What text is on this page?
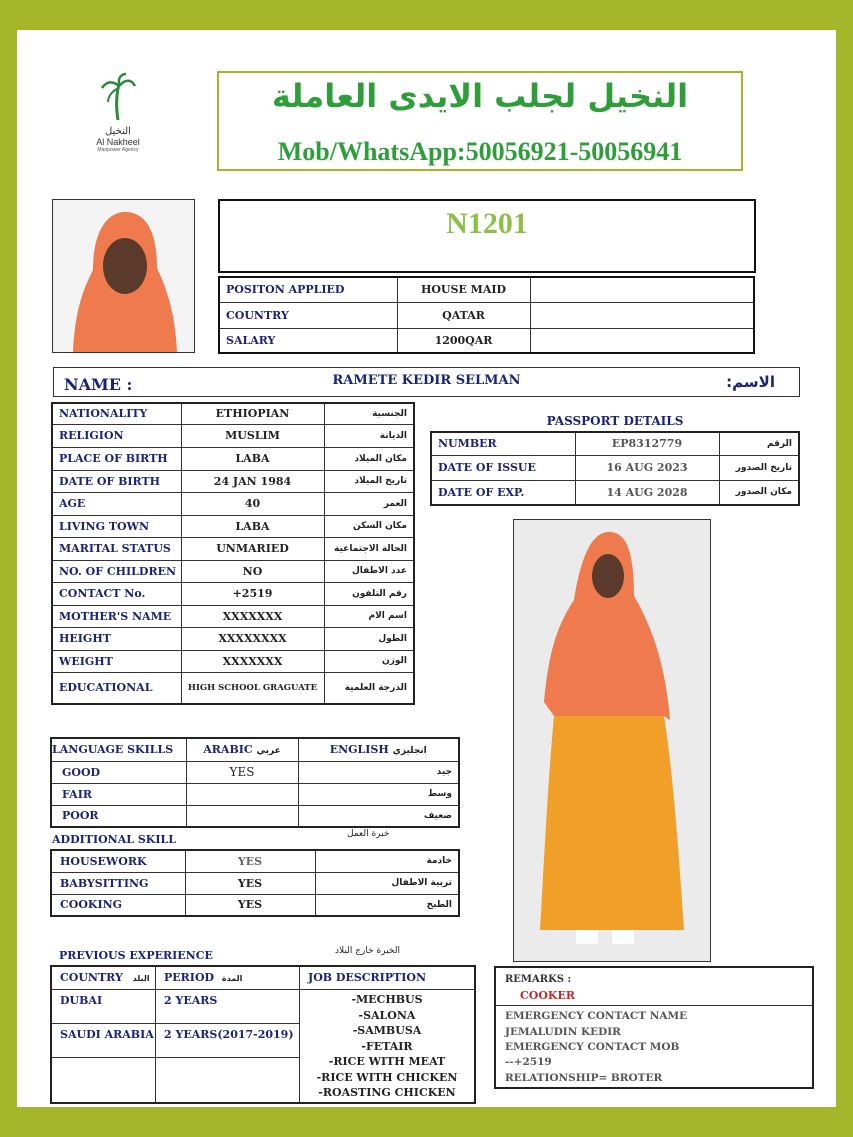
النخيل
Al Nakheel
Manpower Agency
النخيل لجلب الايدى العاملة
Mob/WhatsApp:50056921-50056941
N1201
POSITON APPLIED	HOUSE MAID	
COUNTRY	QATAR	
SALARY	1200QAR	
NAME :	RAMETE KEDIR SELMAN	الاسم:
NATIONALITY	ETHIOPIAN	الجنسية
RELIGION	MUSLIM	الديانة
PLACE OF BIRTH	LABA	مكان الميلاد
DATE OF BIRTH	24 JAN 1984	تاريخ الميلاد
AGE	40	العمر
LIVING TOWN	LABA	مكان السكن
MARITAL STATUS	UNMARIED	الحالة الاجتماعية
NO. OF CHILDREN	NO	عدد الاطفال
CONTACT No.	+2519	رقم التلفون
MOTHER'S NAME	XXXXXXX	اسم الام
HEIGHT	XXXXXXXX	الطول
WEIGHT	XXXXXXX	الوزن
EDUCATIONAL	HIGH SCHOOL GRAGUATE	الدرجة العلمية
PASSPORT DETAILS
NUMBER	EP8312779	الرقم
DATE OF ISSUE	16 AUG 2023	تاريخ الصدور
DATE OF EXP.	14 AUG 2028	مكان الصدور
LANGUAGE SKILLS	ARABIC عربي	ENGLISH انجليزي
GOOD	YES	جيد
FAIR		وسط
POOR		ضعيف
ADDITIONAL SKILL	خبرة العمل
HOUSEWORK	YES	خادمة
BABYSITTING	YES	تربية الاطفال
COOKING	YES	الطبخ
PREVIOUS EXPERIENCE	الخبرة خارج البلاد
COUNTRY البلد PERIOD المدة	JOB DESCRIPTION
DUBAI	2 YEARS
SAUDI ARABIA 2 YEARS(2017-2019)
-MECHBUS
-SALONA
-SAMBUSA
-FETAIR
-RICE WITH MEAT
-RICE WITH CHICKEN
-ROASTING CHICKEN
REMARKS :
COOKER
EMERGENCY CONTACT NAME
JEMALUDIN KEDIR
EMERGENCY CONTACT MOB
--+2519
RELATIONSHIP= BROTER
